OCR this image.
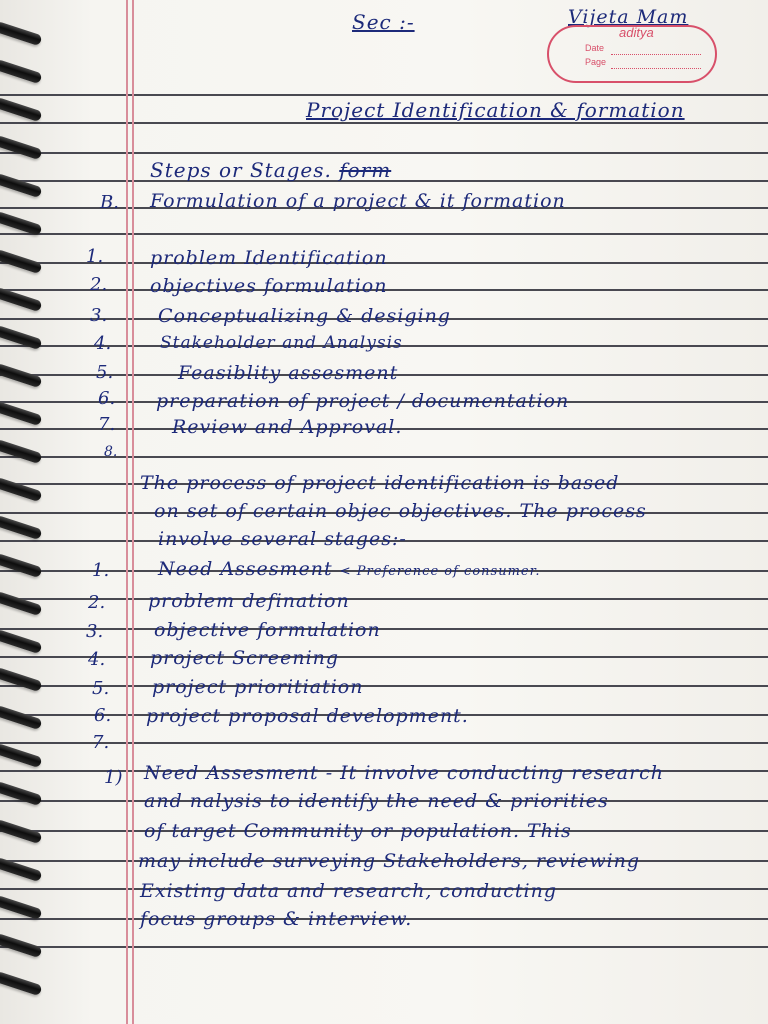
Sec :-	Vijeta Mam
aditya
Date
Page
Project Identification & formation
Steps or Stages. form
B. Formulation of a project & it formation
1. problem Identification
2. objectives formulation
3.	Conceptualizing & desiging
4.	Stakeholder and Analysis
5.	Feasiblity assesment
6. preparation of project / documentation
7.	Review and Approval.
8.
The process of project identification is based
on set of certain objec objectives. The process
involve several stages:-
1.	Need Assesment < Preference of consumer.
2. problem defination
3.	objective formulation
4. project Screening
5. project prioritiation
6. project proposal development.
7.
1) Need Assesment - It involve conducting research
and nalysis to identify the need & priorities
of target Community or population. This
may include surveying Stakeholders, reviewing
Existing data and research, conducting
focus groups & interview.
